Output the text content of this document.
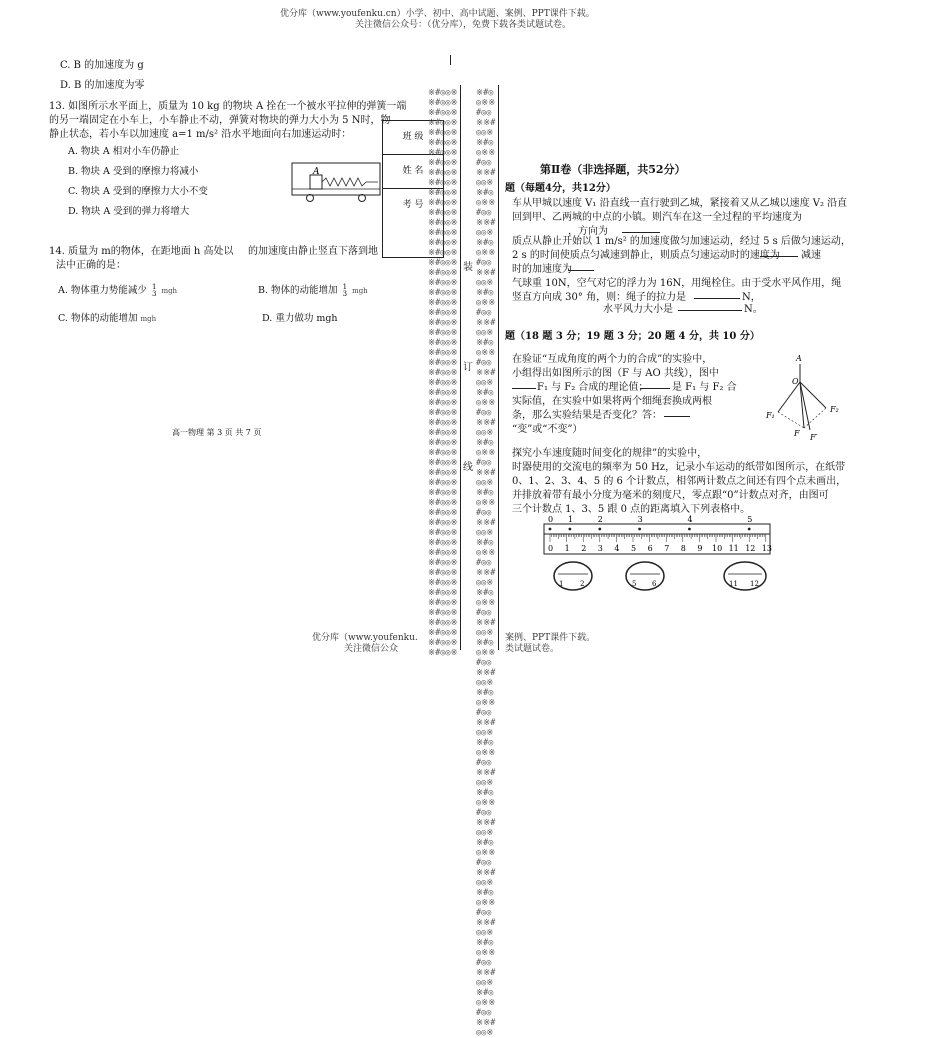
优分库（www.youfenku.cn）小学、初中、高中试题、案例、PPT课件下载。
关注微信公众号：（优分库），免费下载各类试题试卷。
C. B 的加速度为 g
D. B 的加速度为零
13. 如图所示水平面上，质量为 10 kg 的物块 A 拴在一个被水平拉伸的弹簧一端
的另一端固定在小车上，小车静止不动，弹簧对物块的弹力大小为 5 N时，物
静止状态，若小车以加速度 a=1 m/s² 沿水平地面向右加速运动时：
A
A. 物块 A 相对小车仍静止
B. 物块 A 受到的摩擦力将减小
C. 物块 A 受到的摩擦力大小不变
D. 物块 A 受到的弹力将增大
14. 质量为 m的物体，在距地面 h 高处以 的加速度由静止竖直下落到地
法中正确的是：
A. 物体重力势能减少 1
3 mgh	B. 物体的动能增加 1
3 mgh
C. 物体的动能增加 mgh	D. 重力做功 mgh
高一物理 第 3 页 共 7 页
班 级
姓 名
考 号
※#◎◎※※#◎◎※※#◎◎※※#◎◎※※#◎◎※※#◎◎※※#◎◎※※#◎◎※※#◎◎※※#◎◎※※#◎◎※※#◎◎※※#◎◎※※#◎◎※※#◎◎※※#◎◎※※#◎◎※※#◎◎※※#◎◎※※#◎◎※※#◎◎※※#◎◎※※#◎◎※※#◎◎※※#◎◎※※#◎◎※※#◎◎※※#◎◎※※#◎◎※※#◎◎※※#◎◎※※#◎◎※※#◎◎※※#◎◎※※#◎◎※※#◎◎※※#◎◎※※#◎◎※※#◎◎※※#◎◎※※#◎◎※※#◎◎※※#◎◎※※#◎◎※※#◎◎※※#◎◎※※#◎◎※※#◎◎※※#◎◎※※#◎◎※※#◎◎※※#◎◎※※#◎◎※※#◎◎※※#◎◎※※#◎◎※※#◎◎※
※#◎◎※※#◎◎※※#◎◎※※#◎◎※※#◎◎※※#◎◎※※#◎◎※※#◎◎※※#◎◎※※#◎◎※※#◎◎※※#◎◎※※#◎◎※※#◎◎※※#◎◎※※#◎◎※※#◎◎※※#◎◎※※#◎◎※※#◎◎※※#◎◎※※#◎◎※※#◎◎※※#◎◎※※#◎◎※※#◎◎※※#◎◎※※#◎◎※※#◎◎※※#◎◎※※#◎◎※※#◎◎※※#◎◎※※#◎◎※※#◎◎※※#◎◎※※#◎◎※※#◎◎※※#◎◎※※#◎◎※※#◎◎※※#◎◎※※#◎◎※※#◎◎※※#◎◎※※#◎◎※※#◎◎※※#◎◎※※#◎◎※※#◎◎※※#◎◎※※#◎◎※※#◎◎※※#◎◎※※#◎◎※※#◎◎※※#◎◎※
装
订
线
第Ⅱ卷（非选择题，共52分）
题（每题4分，共12分）
车从甲城以速度 V₁ 沿直线一直行驶到乙城，紧接着又从乙城以速度 V₂ 沿直
回到甲、乙两城的中点的小镇。则汽车在这一全过程的平均速度为
，方向为
质点从静止开始以 1 m/s² 的加速度做匀加速运动，经过 5 s 后做匀速运动，
2 s 的时间使质点匀减速到静止，则质点匀速运动时的速度为 减速
时的加速度为
气球重 10N，空气对它的浮力为 16N，用绳栓住。由于受水平风作用，绳
竖直方向成 30° 角，则：绳子的拉力是	N，
水平风力大小是	N。
题（18 题 3 分；19 题 3 分；20 题 4 分，共 10 分）
在验证“互成角度的两个力的合成”的实验中，
小组得出如图所示的图（F 与 AO 共线），图中
F₁ 与 F₂ 合成的理论值； 是 F₁ 与 F₂ 合
实际值，在实验中如果将两个细绳套换成两根
条，那么实验结果是否变化？答：
“变”或“不变”）
A
O
F₁
F₂
F F′
探究小车速度随时间变化的规律”的实验中，
时器使用的交流电的频率为 50 Hz，记录小车运动的纸带如图所示，在纸带
0、1、2、3、4、5 的 6 个计数点，相邻两计数点之间还有四个点未画出，
并排放着带有最小分度为毫米的刻度尺，零点跟“0”计数点对齐，由图可
三个计数点 1、3、5 跟 0 点的距离填入下列表格中。
0 1	2	3	4	5
0 1 2 3 4 5 6 7 8 9 10 11 12 13
1 2	5 6	11 12
优分库（www.youfenku.
关注微信公众
案例、PPT课件下载。
类试题试卷。
